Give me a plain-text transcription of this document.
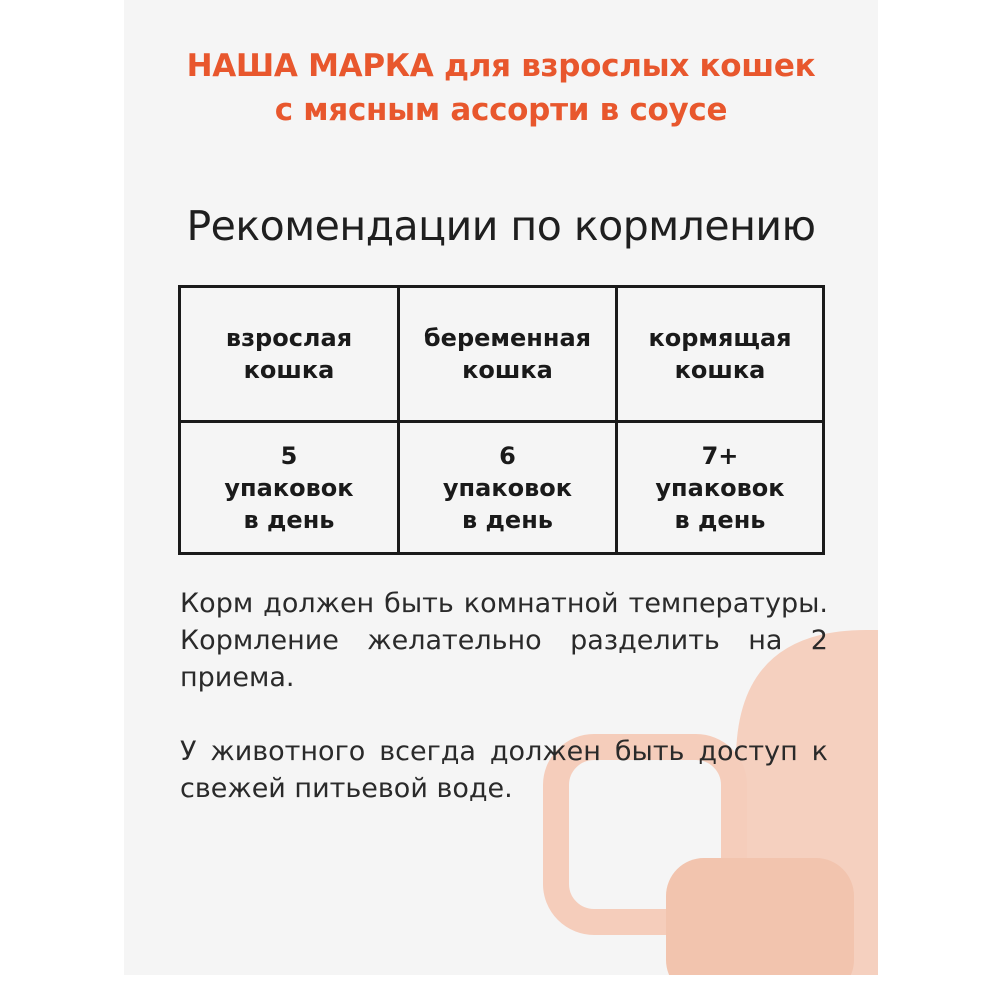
НАША МАРКА для взрослых кошек
с мясным ассорти в соусе
Рекомендации по кормлению
взрослая
кошка
беременная
кошка
кормящая
кошка
5
упаковок
в день
6
упаковок
в день
7+
упаковок
в день

Корм должен быть комнатной температуры. Кормление желательно разделить на 2 приема.

У животного всегда должен быть доступ к свежей питьевой воде.
